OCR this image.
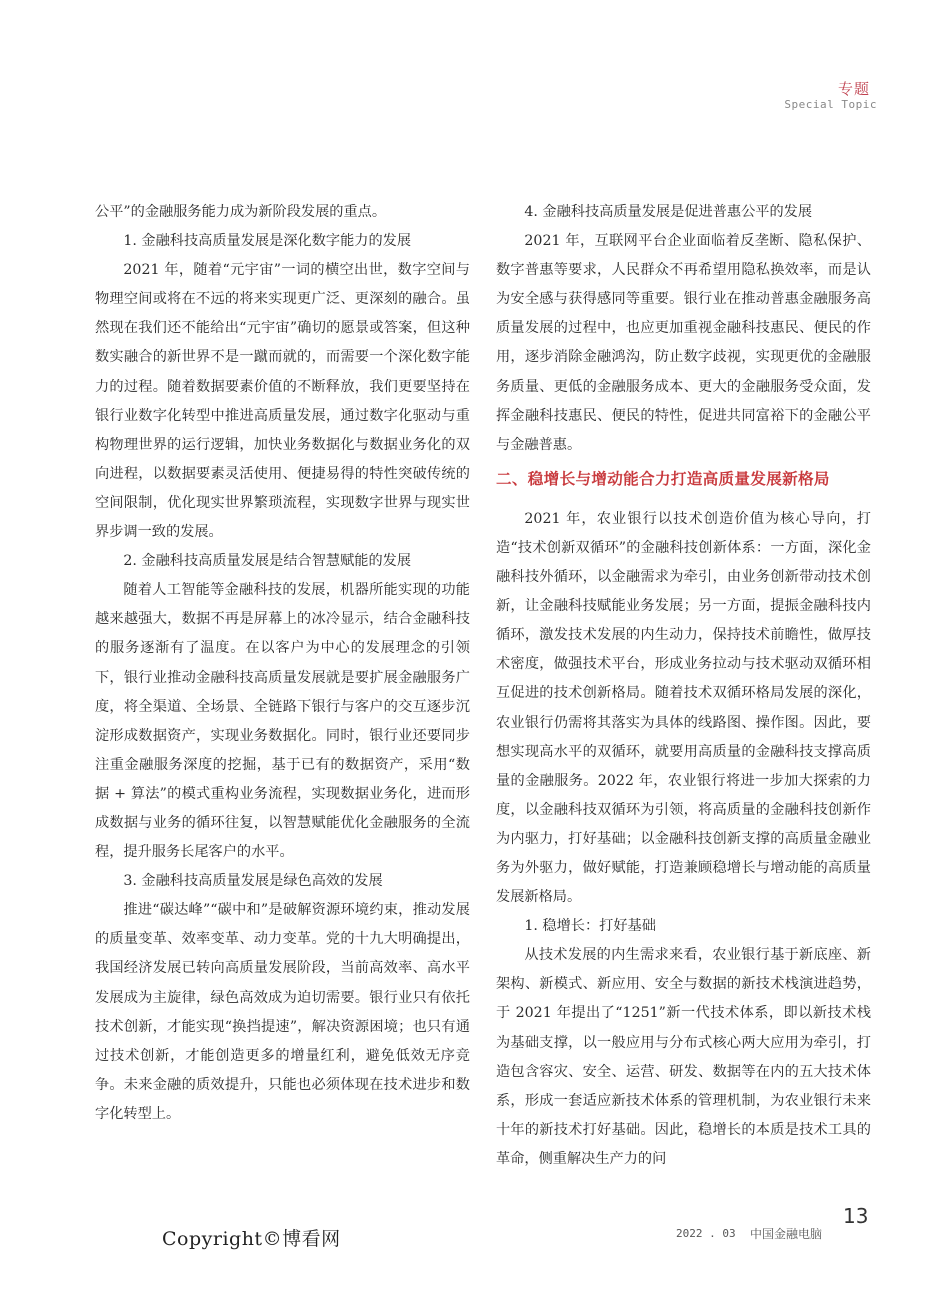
专题
Special Topic

公平”的金融服务能力成为新阶段发展的重点。

1. 金融科技高质量发展是深化数字能力的发展

2021 年，随着“元宇宙”一词的横空出世，数字空间与物理空间或将在不远的将来实现更广泛、更深刻的融合。虽然现在我们还不能给出“元宇宙”确切的愿景或答案，但这种数实融合的新世界不是一蹴而就的，而需要一个深化数字能力的过程。随着数据要素价值的不断释放，我们更要坚持在银行业数字化转型中推进高质量发展，通过数字化驱动与重构物理世界的运行逻辑，加快业务数据化与数据业务化的双向进程，以数据要素灵活使用、便捷易得的特性突破传统的空间限制，优化现实世界繁琐流程，实现数字世界与现实世界步调一致的发展。

2. 金融科技高质量发展是结合智慧赋能的发展

随着人工智能等金融科技的发展，机器所能实现的功能越来越强大，数据不再是屏幕上的冰冷显示，结合金融科技的服务逐渐有了温度。在以客户为中心的发展理念的引领下，银行业推动金融科技高质量发展就是要扩展金融服务广度，将全渠道、全场景、全链路下银行与客户的交互逐步沉淀形成数据资产，实现业务数据化。同时，银行业还要同步注重金融服务深度的挖掘，基于已有的数据资产，采用“数据 + 算法”的模式重构业务流程，实现数据业务化，进而形成数据与业务的循环往复，以智慧赋能优化金融服务的全流程，提升服务长尾客户的水平。

3. 金融科技高质量发展是绿色高效的发展

推进“碳达峰”“碳中和”是破解资源环境约束，推动发展的质量变革、效率变革、动力变革。党的十九大明确提出，我国经济发展已转向高质量发展阶段，当前高效率、高水平发展成为主旋律，绿色高效成为迫切需要。银行业只有依托技术创新，才能实现“换挡提速”，解决资源困境；也只有通过技术创新，才能创造更多的增量红利，避免低效无序竞争。未来金融的质效提升，只能也必须体现在技术进步和数字化转型上。

4. 金融科技高质量发展是促进普惠公平的发展

2021 年，互联网平台企业面临着反垄断、隐私保护、数字普惠等要求，人民群众不再希望用隐私换效率，而是认为安全感与获得感同等重要。银行业在推动普惠金融服务高质量发展的过程中，也应更加重视金融科技惠民、便民的作用，逐步消除金融鸿沟，防止数字歧视，实现更优的金融服务质量、更低的金融服务成本、更大的金融服务受众面，发挥金融科技惠民、便民的特性，促进共同富裕下的金融公平与金融普惠。

二、稳增长与增动能合力打造高质量发展新格局

2021 年，农业银行以技术创造价值为核心导向，打造“技术创新双循环”的金融科技创新体系：一方面，深化金融科技外循环，以金融需求为牵引，由业务创新带动技术创新，让金融科技赋能业务发展；另一方面，提振金融科技内循环，激发技术发展的内生动力，保持技术前瞻性，做厚技术密度，做强技术平台，形成业务拉动与技术驱动双循环相互促进的技术创新格局。随着技术双循环格局发展的深化，农业银行仍需将其落实为具体的线路图、操作图。因此，要想实现高水平的双循环，就要用高质量的金融科技支撑高质量的金融服务。2022 年，农业银行将进一步加大探索的力度，以金融科技双循环为引领，将高质量的金融科技创新作为内驱力，打好基础；以金融科技创新支撑的高质量金融业务为外驱力，做好赋能，打造兼顾稳增长与增动能的高质量发展新格局。

1. 稳增长：打好基础

从技术发展的内生需求来看，农业银行基于新底座、新架构、新模式、新应用、安全与数据的新技术栈演进趋势，于 2021 年提出了“1251”新一代技术体系，即以新技术栈为基础支撑，以一般应用与分布式核心两大应用为牵引，打造包含容灾、安全、运营、研发、数据等在内的五大技术体系，形成一套适应新技术体系的管理机制，为农业银行未来十年的新技术打好基础。因此，稳增长的本质是技术工具的革命，侧重解决生产力的问

Copyright©博看网	2022 . 03 中国金融电脑
13
